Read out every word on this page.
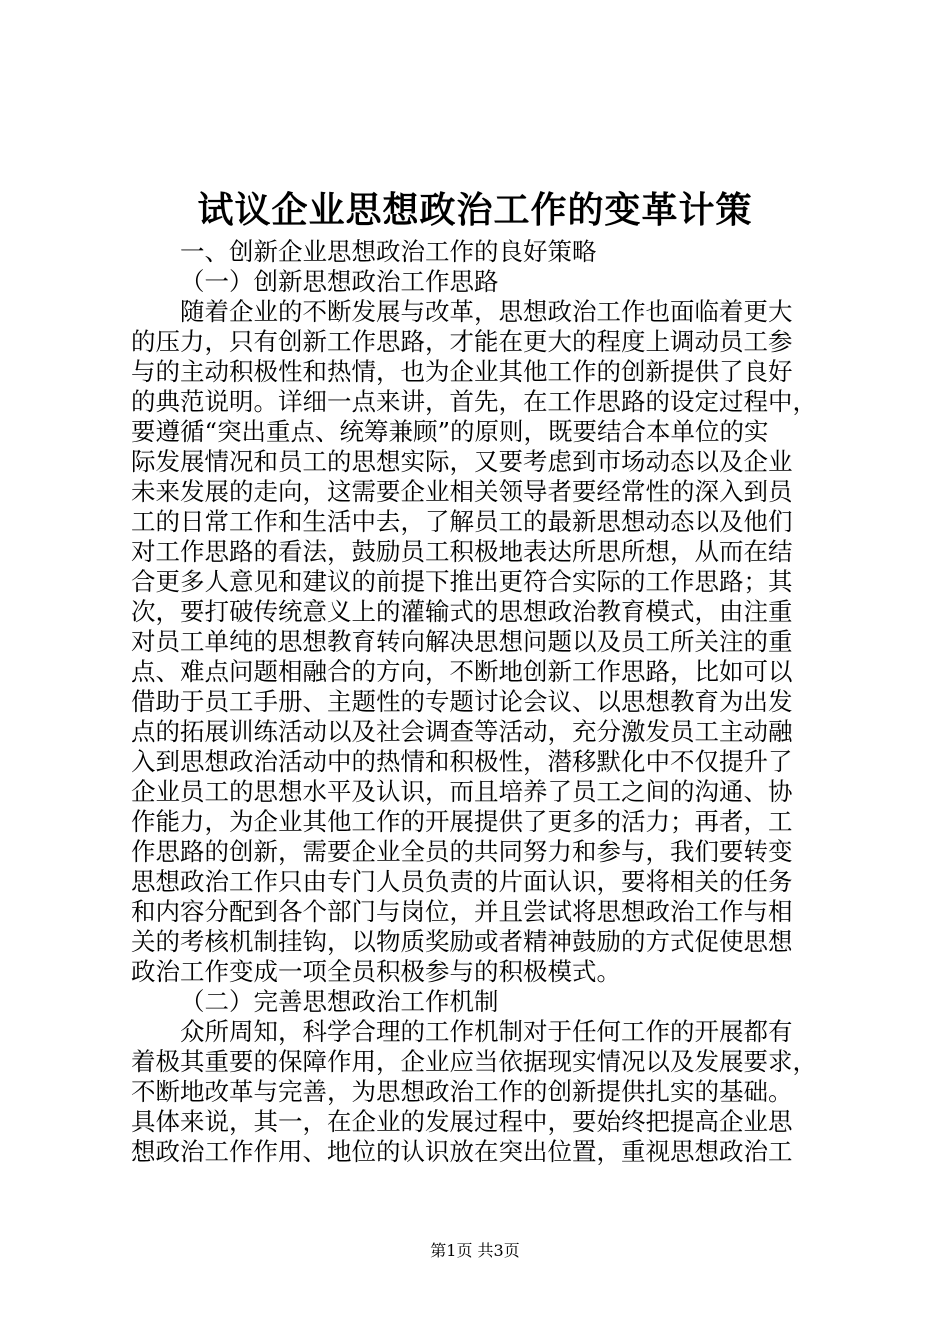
试议企业思想政治工作的变革计策

一、创新企业思想政治工作的良好策略

（一）创新思想政治工作思路

随着企业的不断发展与改革，思想政治工作也面临着更大

的压力，只有创新工作思路，才能在更大的程度上调动员工参

与的主动积极性和热情，也为企业其他工作的创新提供了良好

的典范说明。详细一点来讲，首先，在工作思路的设定过程中，

要遵循“突出重点、统筹兼顾”的原则，既要结合本单位的实

际发展情况和员工的思想实际，又要考虑到市场动态以及企业

未来发展的走向，这需要企业相关领导者要经常性的深入到员

工的日常工作和生活中去，了解员工的最新思想动态以及他们

对工作思路的看法，鼓励员工积极地表达所思所想，从而在结

合更多人意见和建议的前提下推出更符合实际的工作思路；其

次，要打破传统意义上的灌输式的思想政治教育模式，由注重

对员工单纯的思想教育转向解决思想问题以及员工所关注的重

点、难点问题相融合的方向，不断地创新工作思路，比如可以

借助于员工手册、主题性的专题讨论会议、以思想教育为出发

点的拓展训练活动以及社会调查等活动，充分激发员工主动融

入到思想政治活动中的热情和积极性，潜移默化中不仅提升了

企业员工的思想水平及认识，而且培养了员工之间的沟通、协

作能力，为企业其他工作的开展提供了更多的活力；再者，工

作思路的创新，需要企业全员的共同努力和参与，我们要转变

思想政治工作只由专门人员负责的片面认识，要将相关的任务

和内容分配到各个部门与岗位，并且尝试将思想政治工作与相

关的考核机制挂钩，以物质奖励或者精神鼓励的方式促使思想

政治工作变成一项全员积极参与的积极模式。

（二）完善思想政治工作机制

众所周知，科学合理的工作机制对于任何工作的开展都有

着极其重要的保障作用，企业应当依据现实情况以及发展要求，

不断地改革与完善，为思想政治工作的创新提供扎实的基础。

具体来说，其一，在企业的发展过程中，要始终把提高企业思

想政治工作作用、地位的认识放在突出位置，重视思想政治工

第1页 共3页
